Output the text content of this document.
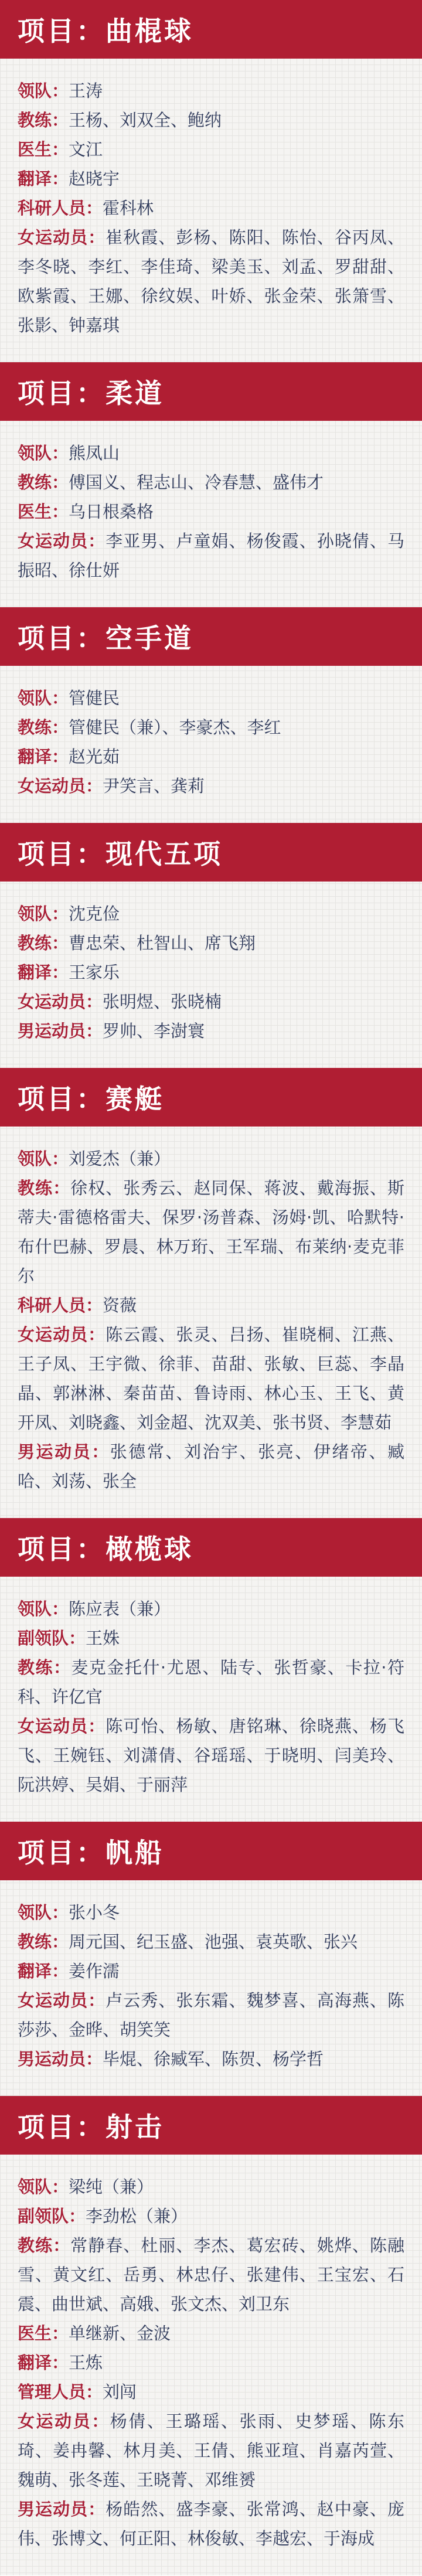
项目：曲棍球

领队：王涛

教练：王杨、刘双全、鲍纳

医生：文江

翻译：赵晓宇

科研人员：霍科林

女运动员：崔秋霞、彭杨、陈阳、陈怡、谷丙凤、李冬晓、李红、李佳琦、梁美玉、刘孟、罗甜甜、欧紫霞、王娜、徐纹娱、叶娇、张金荣、张箫雪、张影、钟嘉琪

项目：柔道

领队：熊凤山

教练：傅国义、程志山、冷春慧、盛伟才

医生：乌日根桑格

女运动员：李亚男、卢童娟、杨俊霞、孙晓倩、马振昭、徐仕妍

项目：空手道

领队：管健民

教练：管健民（兼）、李豪杰、李红

翻译：赵光茹

女运动员：尹笑言、龚莉

项目：现代五项

领队：沈克俭

教练：曹忠荣、杜智山、席飞翔

翻译：王家乐

女运动员：张明煜、张晓楠

男运动员：罗帅、李澍寰

项目：赛艇

领队：刘爱杰（兼）

教练：徐权、张秀云、赵同保、蒋波、戴海振、斯蒂夫·雷德格雷夫、保罗·汤普森、汤姆·凯、哈默特·布什巴赫、罗晨、林万珩、王军瑞、布莱纳·麦克菲尔

科研人员：资薇

女运动员：陈云霞、张灵、吕扬、崔晓桐、江燕、王子凤、王宇微、徐菲、苗甜、张敏、巨蕊、李晶晶、郭淋淋、秦苗苗、鲁诗雨、林心玉、王飞、黄开凤、刘晓鑫、刘金超、沈双美、张书贤、李慧茹

男运动员：张德常、刘治宇、张亮、伊绪帝、臧哈、刘荡、张全

项目：橄榄球

领队：陈应表（兼）

副领队：王姝

教练：麦克金托什·尤恩、陆专、张哲豪、卡拉·符科、许亿官

女运动员：陈可怡、杨敏、唐铭琳、徐晓燕、杨飞飞、王婉钰、刘潇倩、谷瑶瑶、于晓明、闫美玲、阮洪婷、吴娟、于丽萍

项目：帆船

领队：张小冬

教练：周元国、纪玉盛、池强、袁英歌、张兴

翻译：姜作濡

女运动员：卢云秀、张东霜、魏梦喜、高海燕、陈莎莎、金晔、胡笑笑

男运动员：毕焜、徐臧军、陈贺、杨学哲

项目：射击

领队：梁纯（兼）

副领队：李劲松（兼）

教练：常静春、杜丽、李杰、葛宏砖、姚烨、陈融雪、黄文红、岳勇、林忠仔、张建伟、王宝宏、石震、曲世斌、高娥、张文杰、刘卫东

医生：单继新、金波

翻译：王炼

管理人员：刘闯

女运动员：杨倩、王璐瑶、张雨、史梦瑶、陈东琦、姜冉馨、林月美、王倩、熊亚瑄、肖嘉芮萱、魏萌、张冬莲、王晓菁、邓维赟

男运动员：杨皓然、盛李豪、张常鸿、赵中豪、庞伟、张博文、何正阳、林俊敏、李越宏、于海成
